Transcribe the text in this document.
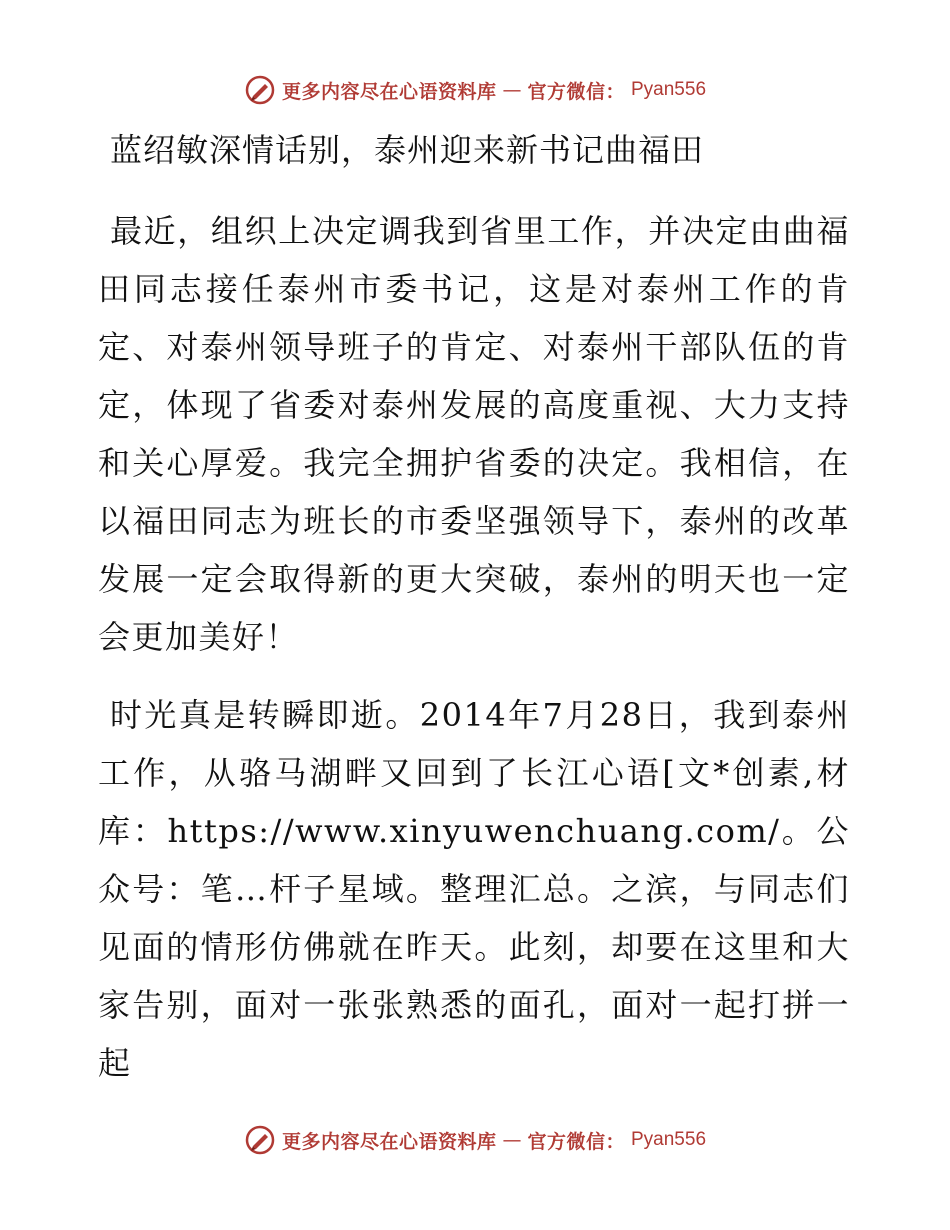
更多内容尽在心语资料库 — 官方微信： Pyan556
蓝绍敏深情话别，泰州迎来新书记曲福田

最近，组织上决定调我到省里工作，并决定由曲福田同志接任泰州市委书记，这是对泰州工作的肯定、对泰州领导班子的肯定、对泰州干部队伍的肯定，体现了省委对泰州发展的高度重视、大力支持和关心厚爱。我完全拥护省委的决定。我相信，在以福田同志为班长的市委坚强领导下，泰州的改革发展一定会取得新的更大突破，泰州的明天也一定会更加美好！

时光真是转瞬即逝。2014年7月28日，我到泰州工作，从骆马湖畔又回到了长江心语[文*创素,材库：https://www.xinyuwenchuang.com/。公众号：笔…杆子星域。整理汇总。之滨，与同志们见面的情形仿佛就在昨天。此刻，却要在这里和大家告别，面对一张张熟悉的面孔，面对一起打拼一起

更多内容尽在心语资料库 — 官方微信： Pyan556
